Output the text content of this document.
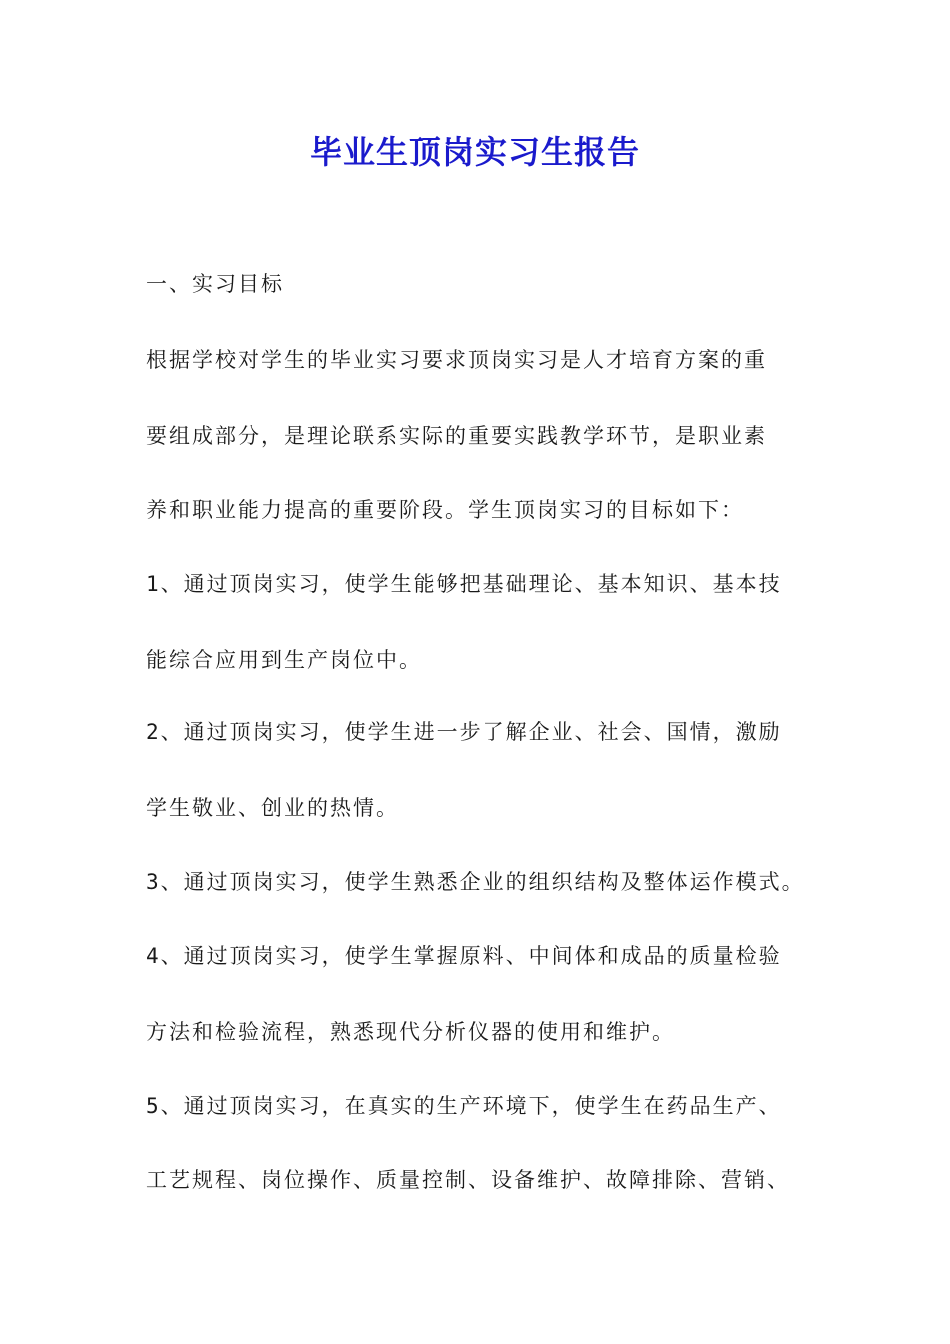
毕业生顶岗实习生报告
一、实习目标
根据学校对学生的毕业实习要求顶岗实习是人才培育方案的重
要组成部分，是理论联系实际的重要实践教学环节，是职业素
养和职业能力提高的重要阶段。学生顶岗实习的目标如下：
1、通过顶岗实习，使学生能够把基础理论、基本知识、基本技
能综合应用到生产岗位中。
2、通过顶岗实习，使学生进一步了解企业、社会、国情，激励
学生敬业、创业的热情。
3、通过顶岗实习，使学生熟悉企业的组织结构及整体运作模式。
4、通过顶岗实习，使学生掌握原料、中间体和成品的质量检验
方法和检验流程，熟悉现代分析仪器的使用和维护。
5、通过顶岗实习，在真实的生产环境下，使学生在药品生产、
工艺规程、岗位操作、质量控制、设备维护、故障排除、营销、
